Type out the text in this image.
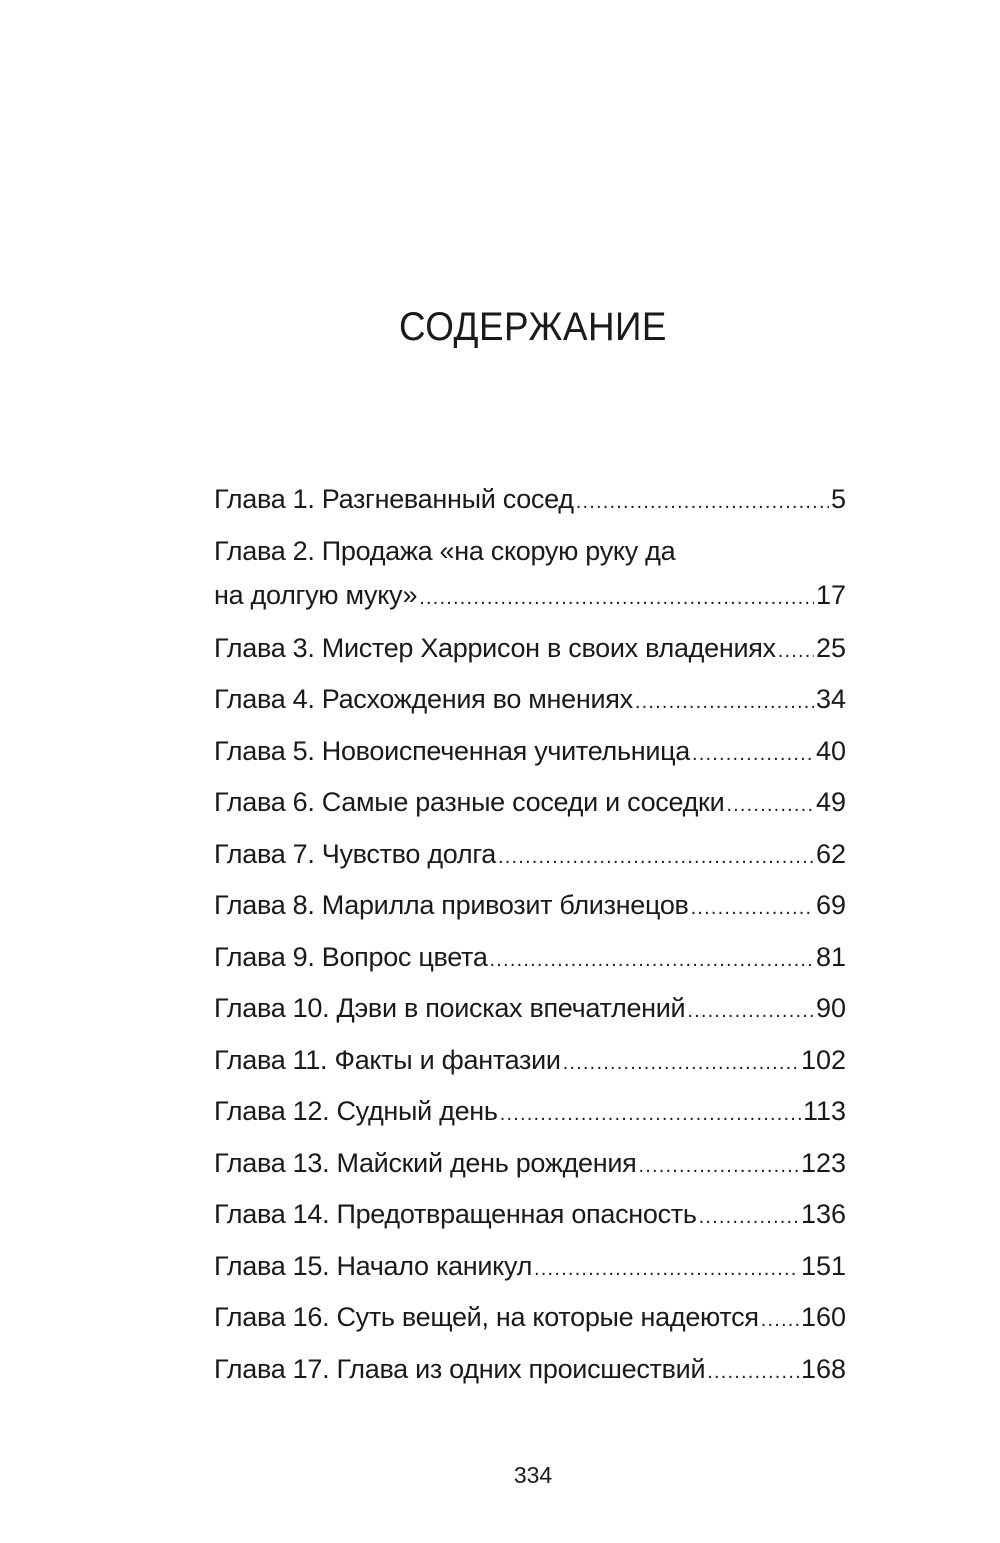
СОДЕРЖАНИЕ
Глава 1. Разгневанный сосед .....	5
Глава 2. Продажа «на скорую руку да
на долгую муку» .....	17
Глава 3. Мистер Харрисон в своих владениях ..... 25
Глава 4. Расхождения во мнениях .....	34
Глава 5. Новоиспеченная учительница .....	40
Глава 6. Самые разные соседи и соседки .....	49
Глава 7. Чувство долга .....	62
Глава 8. Марилла привозит близнецов .....	69
Глава 9. Вопрос цвета .....	81
Глава 10. Дэви в поисках впечатлений .....	90
Глава 11. Факты и фантазии .....	102
Глава 12. Судный день .....	113
Глава 13. Майский день рождения .....	123
Глава 14. Предотвращенная опасность .....	136
Глава 15. Начало каникул .....	151
Глава 16. Суть вещей, на которые надеются ..... 160
Глава 17. Глава из одних происшествий .....	168
334
